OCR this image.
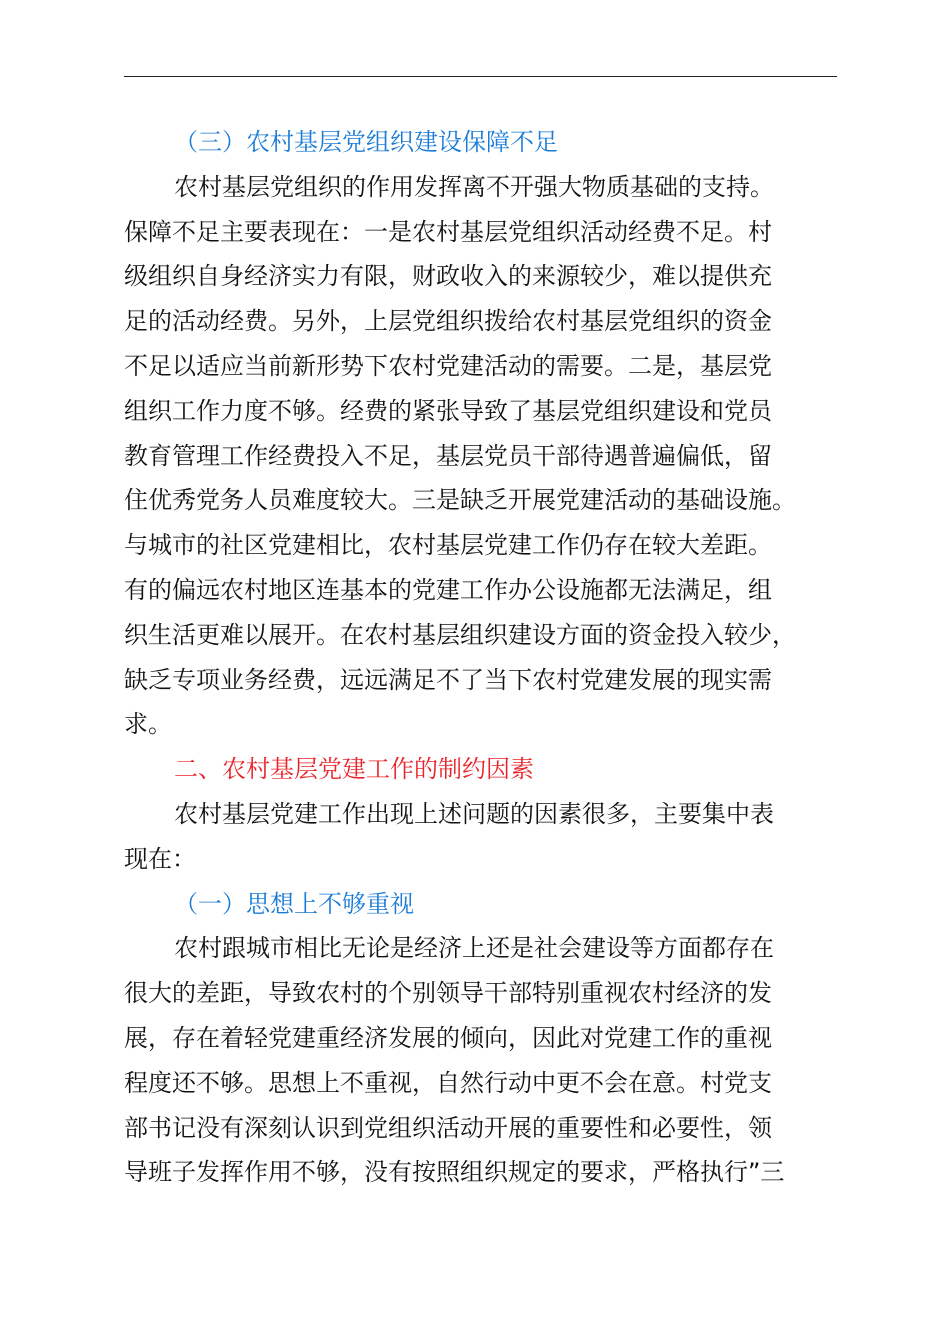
（三）农村基层党组织建设保障不足
农村基层党组织的作用发挥离不开强大物质基础的支持。
保障不足主要表现在：一是农村基层党组织活动经费不足。村
级组织自身经济实力有限，财政收入的来源较少，难以提供充
足的活动经费。另外，上层党组织拨给农村基层党组织的资金
不足以适应当前新形势下农村党建活动的需要。二是，基层党
组织工作力度不够。经费的紧张导致了基层党组织建设和党员
教育管理工作经费投入不足，基层党员干部待遇普遍偏低，留
住优秀党务人员难度较大。三是缺乏开展党建活动的基础设施。
与城市的社区党建相比，农村基层党建工作仍存在较大差距。
有的偏远农村地区连基本的党建工作办公设施都无法满足，组
织生活更难以展开。在农村基层组织建设方面的资金投入较少，
缺乏专项业务经费，远远满足不了当下农村党建发展的现实需
求。
二、农村基层党建工作的制约因素
农村基层党建工作出现上述问题的因素很多，主要集中表
现在：
（一）思想上不够重视
农村跟城市相比无论是经济上还是社会建设等方面都存在
很大的差距，导致农村的个别领导干部特别重视农村经济的发
展，存在着轻党建重经济发展的倾向，因此对党建工作的重视
程度还不够。思想上不重视，自然行动中更不会在意。村党支
部书记没有深刻认识到党组织活动开展的重要性和必要性，领
导班子发挥作用不够，没有按照组织规定的要求，严格执行”三
